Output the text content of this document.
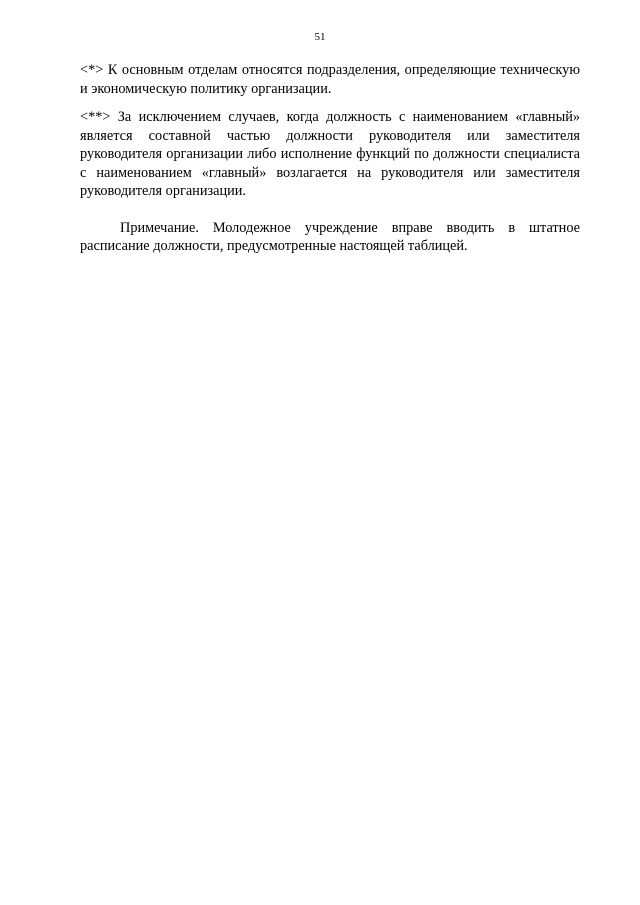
51

<*> К основным отделам относятся подразделения, определяющие техническую и экономическую политику организации.

<**> За исключением случаев, когда должность с наименованием «главный» является составной частью должности руководителя или заместителя руководителя организации либо исполнение функций по должности специалиста с наименованием «главный» возлагается на руководителя или заместителя руководителя организации.

Примечание. Молодежное учреждение вправе вводить в штатное расписание должности, предусмотренные настоящей таблицей.
